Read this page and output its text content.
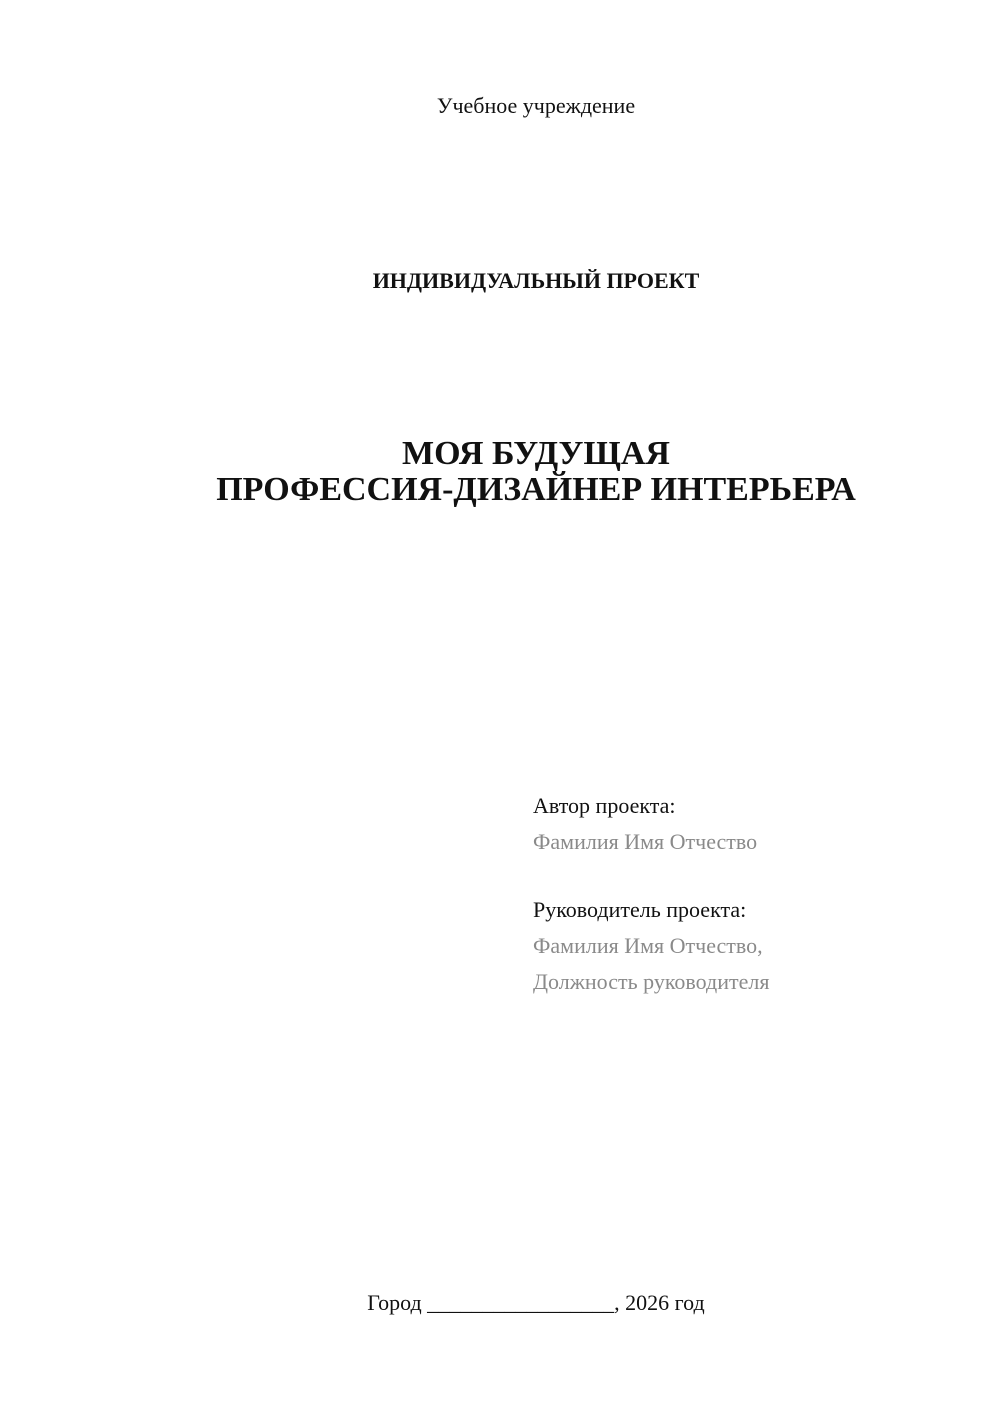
Учебное учреждение
ИНДИВИДУАЛЬНЫЙ ПРОЕКТ
МОЯ БУДУЩАЯ
ПРОФЕССИЯ-ДИЗАЙНЕР ИНТЕРЬЕРА
Автор проекта:
Фамилия Имя Отчество
Руководитель проекта:
Фамилия Имя Отчество,
Должность руководителя
Город _________________, 2026 год
